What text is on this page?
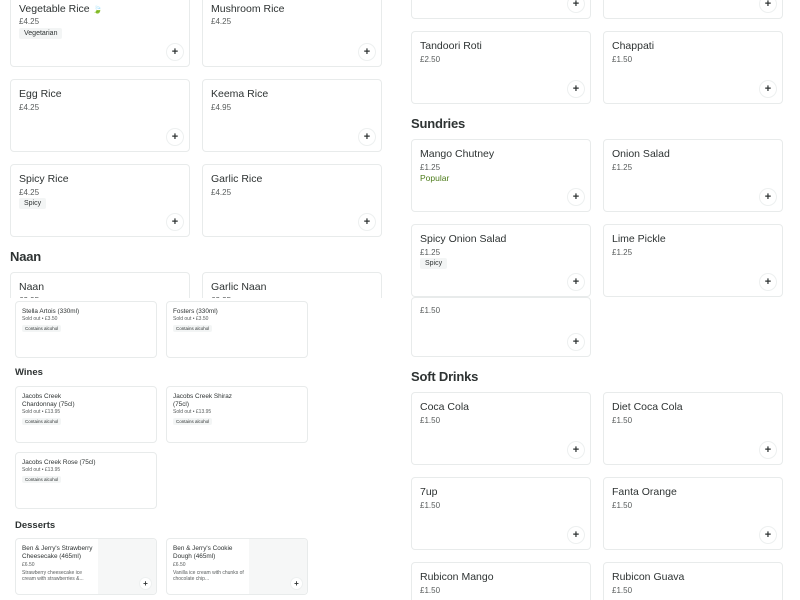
Vegetable Rice 🍃
£4.25
Vegetarian
+
Mushroom Rice
£4.25
+
Egg Rice
£4.25
+
Keema Rice
£4.95
+
Spicy Rice
£4.25
Spicy
+
Garlic Rice
£4.25
+
Naan
Naan	Garlic Naan
+	+
Tandoori Roti
£2.50
+
Chappati
£1.50
+
Sundries
Mango Chutney
£1.25
Popular
+
Onion Salad
£1.25
+
Spicy Onion Salad
£1.25
Spicy
+
Lime Pickle
£1.25
+
£1.50
+
Soft Drinks
Coca Cola
£1.50
+
Diet Coca Cola
£1.50
+
7up
£1.50
+
Fanta Orange
£1.50
+
Rubicon Mango
£1.50
Rubicon Guava
£1.50
Stella Artois (330ml)
Sold out • £3.50
Contains alcohol
Fosters (330ml)
Sold out • £3.50
Contains alcohol
Wines
Jacobs Creek Chardonnay (75cl)
Sold out • £13.95
Contains alcohol
Jacobs Creek Shiraz (75cl)
Sold out • £13.95
Contains alcohol
Jacobs Creek Rose (75cl)
Sold out • £13.95
Contains alcohol
Desserts
Ben & Jerry's Strawberry Cheesecake (465ml)
£6.50
Strawberry cheesecake ice cream with strawberries &...	+
Ben & Jerry's Cookie Dough (465ml)
£6.50
Vanilla ice cream with chunks of chocolate chip...	+
